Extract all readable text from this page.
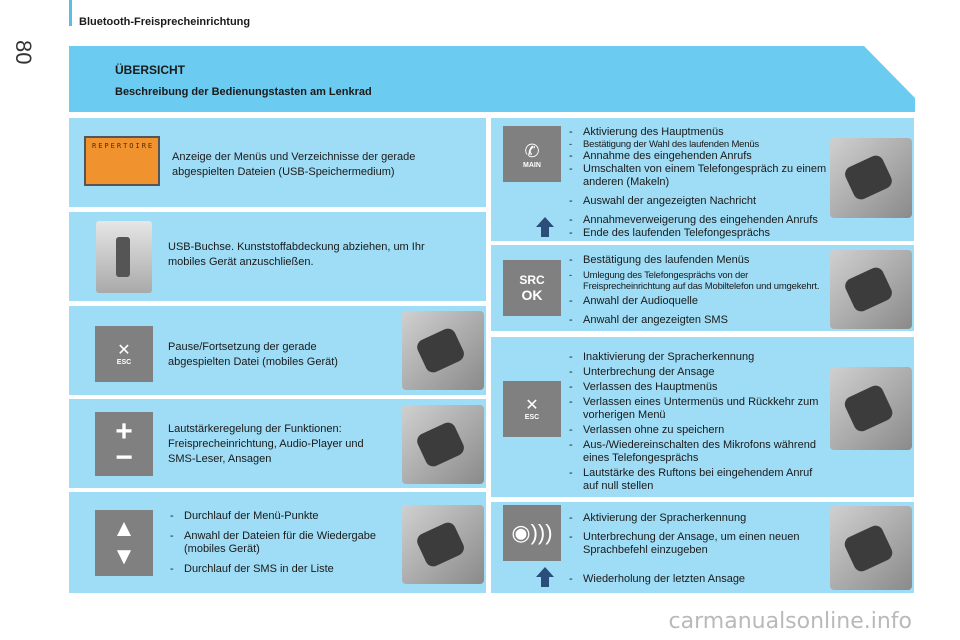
80
Bluetooth-Freisprecheinrichtung
ÜBERSICHT
Beschreibung der Bedienungstasten am Lenkrad
REPERTOIRE
Anzeige der Menüs und Verzeichnisse der gerade abgespielten Dateien (USB-Speichermedium)
USB-Buchse. Kunststoffabdeckung abziehen, um Ihr mobiles Gerät anzuschließen.
✕
ESC
Pause/Fortsetzung der gerade abgespielten Datei (mobiles Gerät)
+
−
Lautstärkeregelung der Funktionen: Freisprecheinrichtung, Audio-Player und SMS-Leser, Ansagen
▲
▼
- Durchlauf der Menü-Punkte
- Anwahl der Dateien für die Wiedergabe (mobiles Gerät)
- Durchlauf der SMS in der Liste
✆
MAIN
- Aktivierung des Hauptmenüs
- Bestätigung der Wahl des laufenden Menüs
- Annahme des eingehenden Anrufs
- Umschalten von einem Telefongespräch zu einem anderen (Makeln)
- Auswahl der angezeigten Nachricht
- Annahmeverweigerung des eingehenden Anrufs
- Ende des laufenden Telefongesprächs
SRC
OK
- Bestätigung des laufenden Menüs
- Umlegung des Telefongesprächs von der Freisprecheinrichtung auf das Mobiltelefon und umgekehrt.
- Anwahl der Audioquelle
- Anwahl der angezeigten SMS
✕
ESC
- Inaktivierung der Spracherkennung
- Unterbrechung der Ansage
- Verlassen des Hauptmenüs
- Verlassen eines Untermenüs und Rückkehr zum vorherigen Menü
- Verlassen ohne zu speichern
- Aus-/Wiedereinschalten des Mikrofons während eines Telefongesprächs
- Lautstärke des Ruftons bei eingehendem Anruf auf null stellen
◉)))
- Aktivierung der Spracherkennung
- Unterbrechung der Ansage, um einen neuen Sprachbefehl einzugeben
- Wiederholung der letzten Ansage
carmanualsonline.info
